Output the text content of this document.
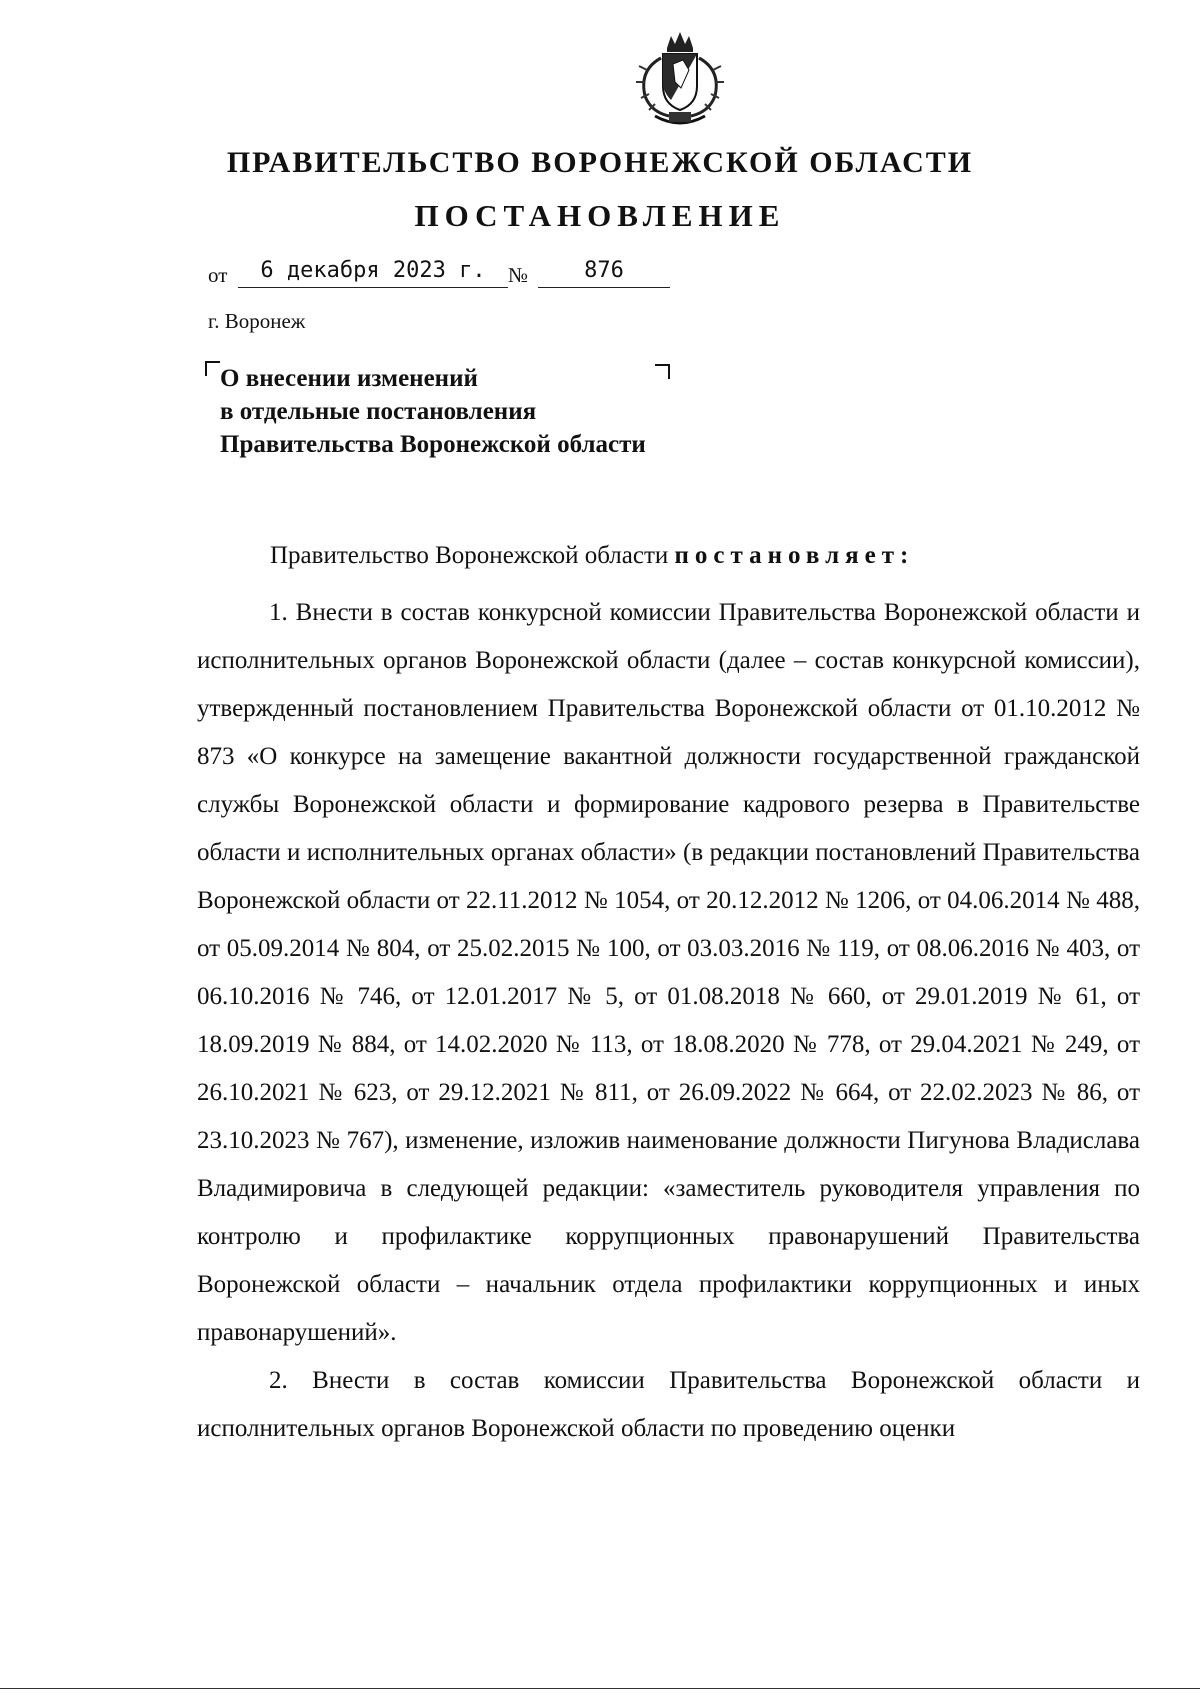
ПРАВИТЕЛЬСТВО ВОРОНЕЖСКОЙ ОБЛАСТИ
ПОСТАНОВЛЕНИЕ
от	6 декабря 2023 г.	№	876
г. Воронеж
О внесении изменений
в отдельные постановления
Правительства Воронежской области
Правительство Воронежской области постановляет:

1. Внести в состав конкурсной комиссии Правительства Воронежской области и исполнительных органов Воронежской области (далее – состав конкурсной комиссии), утвержденный постановлением Правительства Воронежской области от 01.10.2012 № 873 «О конкурсе на замещение вакантной должности государственной гражданской службы Воронежской области и формирование кадрового резерва в Правительстве области и исполнительных органах области» (в редакции постановлений Правительства Воронежской области от 22.11.2012 № 1054, от 20.12.2012 № 1206, от 04.06.2014 № 488, от 05.09.2014 № 804, от 25.02.2015 № 100, от 03.03.2016 № 119, от 08.06.2016 № 403, от 06.10.2016 № 746, от 12.01.2017 № 5, от 01.08.2018 № 660, от 29.01.2019 № 61, от 18.09.2019 № 884, от 14.02.2020 № 113, от 18.08.2020 № 778, от 29.04.2021 № 249, от 26.10.2021 № 623, от 29.12.2021 № 811, от 26.09.2022 № 664, от 22.02.2023 № 86, от 23.10.2023 № 767), изменение, изложив наименование должности Пигунова Владислава Владимировича в следующей редакции: «заместитель руководителя управления по контролю и профилактике коррупционных правонарушений Правительства Воронежской области – начальник отдела профилактики коррупционных и иных правонарушений».

2. Внести в состав комиссии Правительства Воронежской области и исполнительных органов Воронежской области по проведению оценки
